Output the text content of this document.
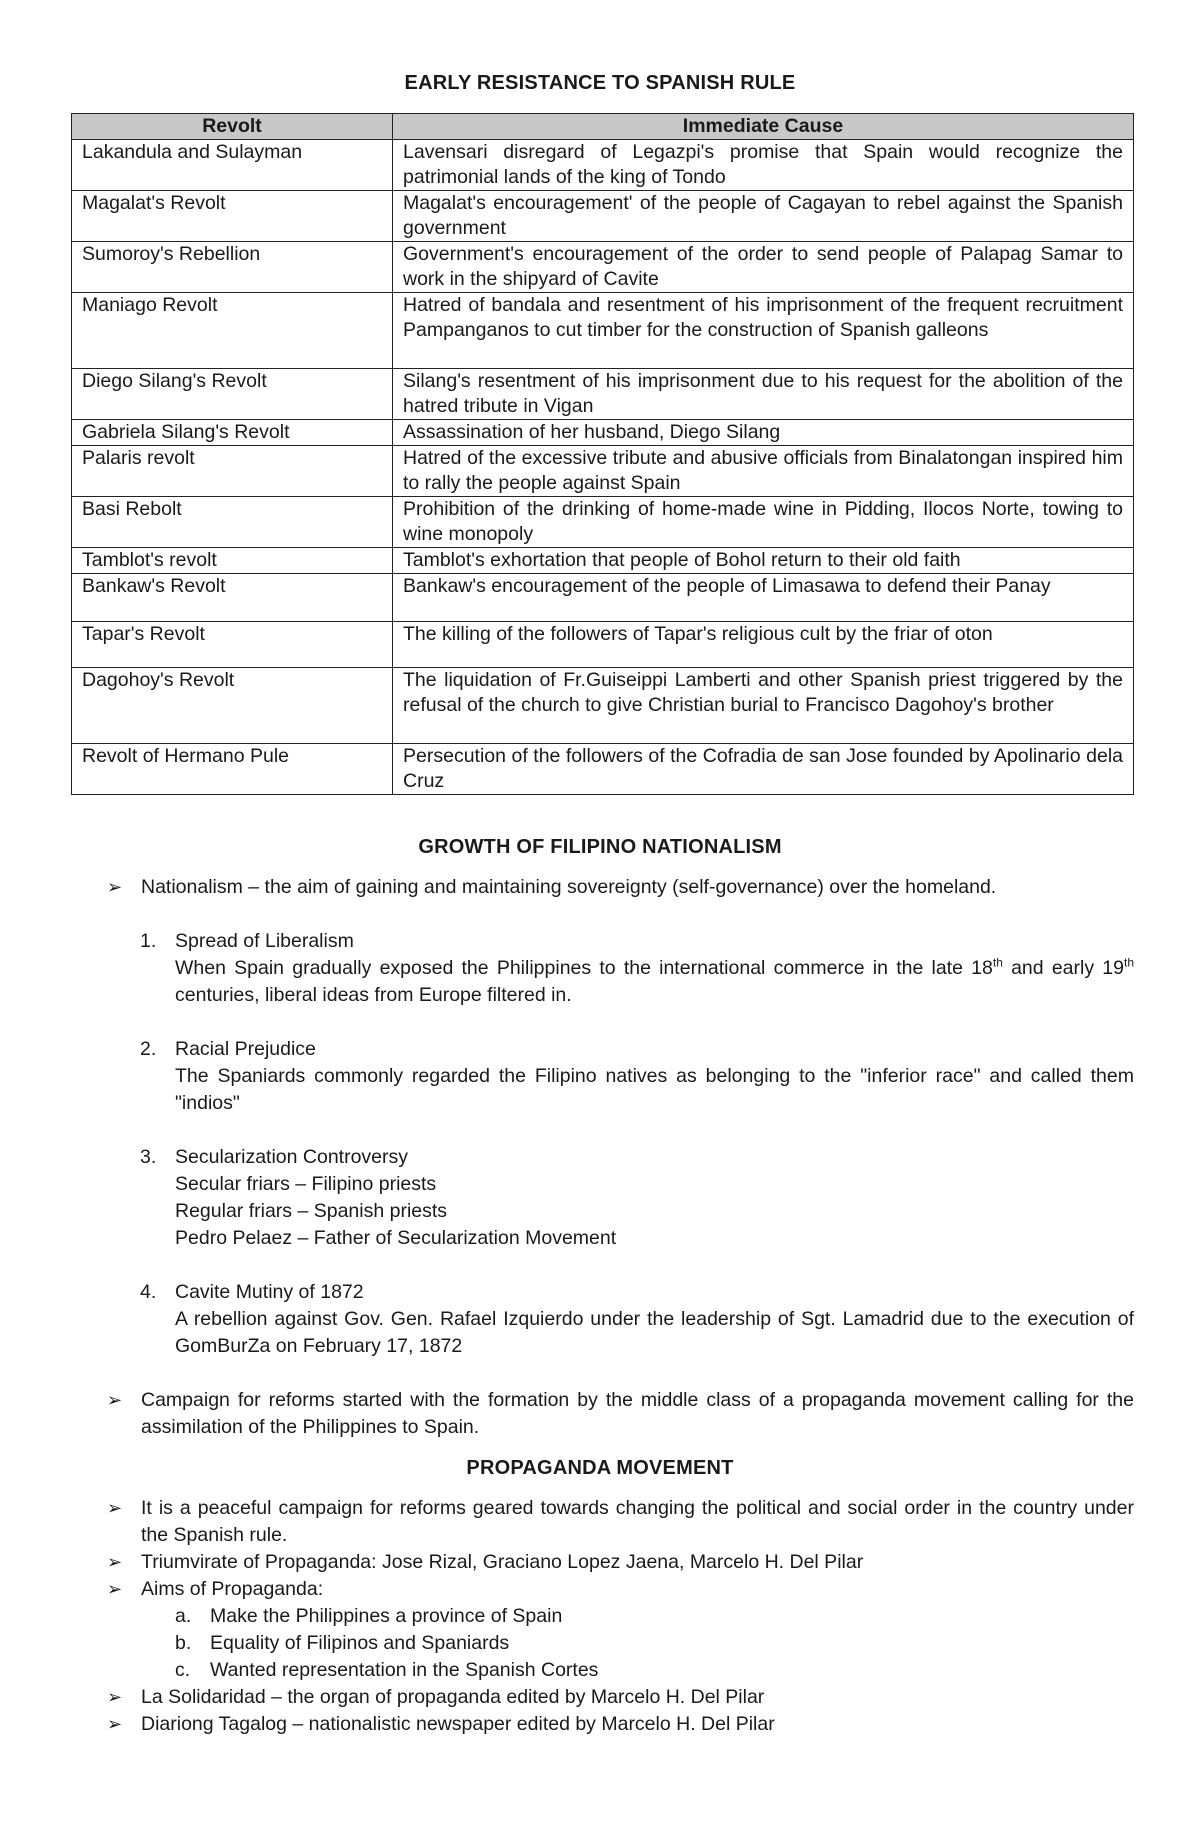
EARLY RESISTANCE TO SPANISH RULE
Revolt	Immediate Cause
Lakandula and Sulayman	Lavensari disregard of Legazpi's promise that Spain would recognize the patrimonial lands of the king of Tondo
Magalat's Revolt	Magalat's encouragement' of the people of Cagayan to rebel against the Spanish government
Sumoroy's Rebellion	Government's encouragement of the order to send people of Palapag Samar to work in the shipyard of Cavite
Maniago Revolt	Hatred of bandala and resentment of his imprisonment of the frequent recruitment Pampanganos to cut timber for the construction of Spanish galleons
Diego Silang's Revolt	Silang's resentment of his imprisonment due to his request for the abolition of the hatred tribute in Vigan
Gabriela Silang's Revolt	Assassination of her husband, Diego Silang
Palaris revolt	Hatred of the excessive tribute and abusive officials from Binalatongan inspired him to rally the people against Spain
Basi Rebolt	Prohibition of the drinking of home-made wine in Pidding, Ilocos Norte, towing to wine monopoly
Tamblot's revolt	Tamblot's exhortation that people of Bohol return to their old faith
Bankaw's Revolt	Bankaw's encouragement of the people of Limasawa to defend their Panay
Tapar's Revolt	The killing of the followers of Tapar's religious cult by the friar of oton
Dagohoy's Revolt	The liquidation of Fr.Guiseippi Lamberti and other Spanish priest triggered by the refusal of the church to give Christian burial to Francisco Dagohoy's brother
Revolt of Hermano Pule	Persecution of the followers of the Cofradia de san Jose founded by Apolinario dela Cruz
GROWTH OF FILIPINO NATIONALISM
➢ Nationalism – the aim of gaining and maintaining sovereignty (self-governance) over the homeland.
1. Spread of Liberalism
When Spain gradually exposed the Philippines to the international commerce in the late 18th and early 19th centuries, liberal ideas from Europe filtered in.
2. Racial Prejudice
The Spaniards commonly regarded the Filipino natives as belonging to the "inferior race" and called them "indios"
3. Secularization Controversy
Secular friars – Filipino priests
Regular friars – Spanish priests
Pedro Pelaez – Father of Secularization Movement
4. Cavite Mutiny of 1872
A rebellion against Gov. Gen. Rafael Izquierdo under the leadership of Sgt. Lamadrid due to the execution of GomBurZa on February 17, 1872
➢ Campaign for reforms started with the formation by the middle class of a propaganda movement calling for the assimilation of the Philippines to Spain.
PROPAGANDA MOVEMENT
➢ It is a peaceful campaign for reforms geared towards changing the political and social order in the country under the Spanish rule.
➢ Triumvirate of Propaganda: Jose Rizal, Graciano Lopez Jaena, Marcelo H. Del Pilar
➢ Aims of Propaganda:
a. Make the Philippines a province of Spain
b. Equality of Filipinos and Spaniards
c.	Wanted representation in the Spanish Cortes
➢ La Solidaridad – the organ of propaganda edited by Marcelo H. Del Pilar
➢ Diariong Tagalog – nationalistic newspaper edited by Marcelo H. Del Pilar
